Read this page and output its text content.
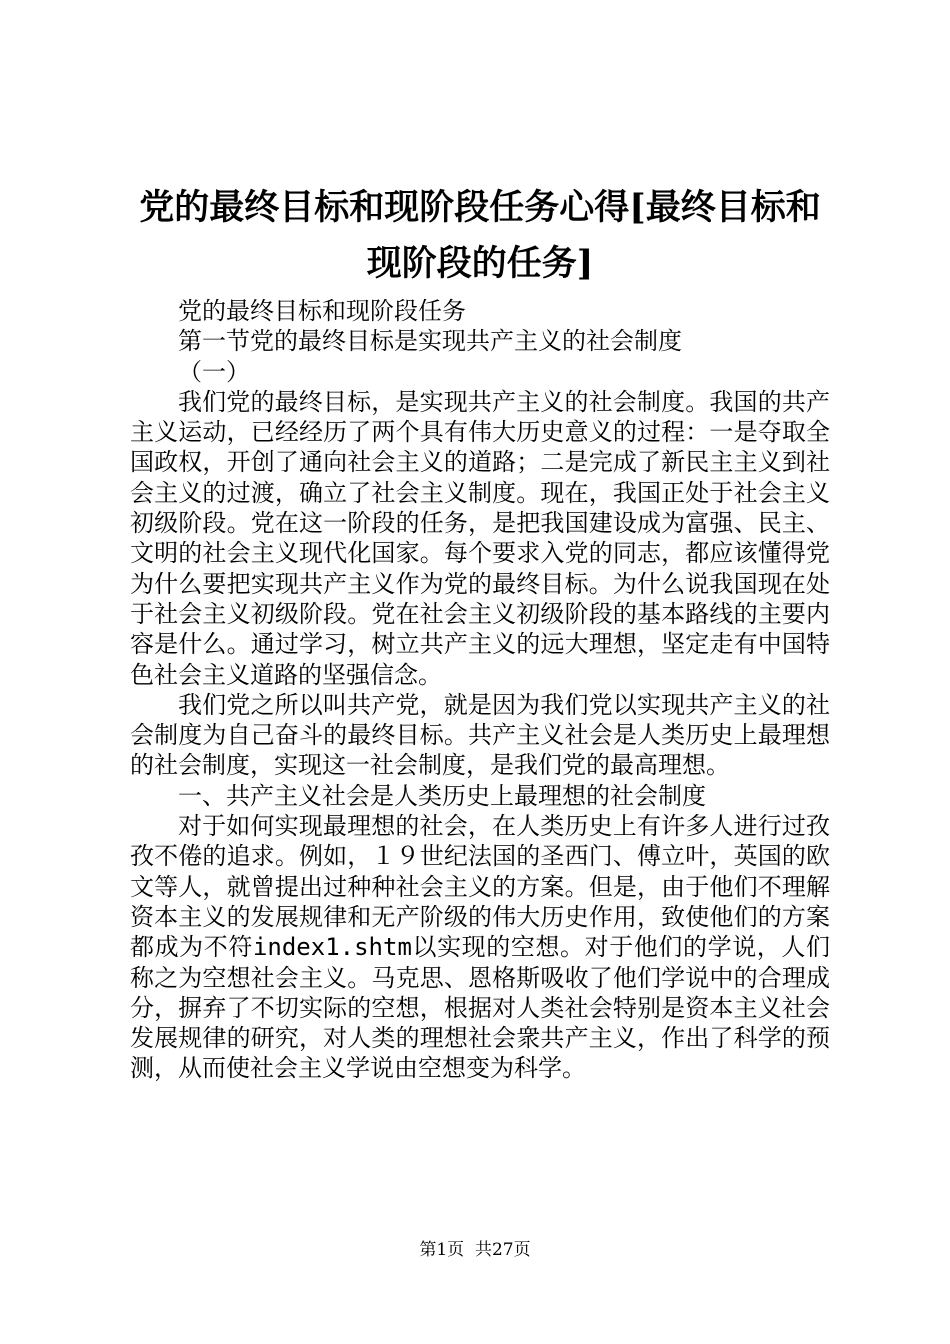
党的最终目标和现阶段任务心得[最终目标和现阶段的任务]

党的最终目标和现阶段任务

第一节党的最终目标是实现共产主义的社会制度

（一）

我们党的最终目标，是实现共产主义的社会制度。我国的共产主义运动，已经经历了两个具有伟大历史意义的过程：一是夺取全国政权，开创了通向社会主义的道路；二是完成了新民主主义到社会主义的过渡，确立了社会主义制度。现在，我国正处于社会主义初级阶段。党在这一阶段的任务，是把我国建设成为富强、民主、文明的社会主义现代化国家。每个要求入党的同志，都应该懂得党为什么要把实现共产主义作为党的最终目标。为什么说我国现在处于社会主义初级阶段。党在社会主义初级阶段的基本路线的主要内容是什么。通过学习，树立共产主义的远大理想，坚定走有中国特色社会主义道路的坚强信念。

我们党之所以叫共产党，就是因为我们党以实现共产主义的社会制度为自己奋斗的最终目标。共产主义社会是人类历史上最理想的社会制度，实现这一社会制度，是我们党的最高理想。

一、共产主义社会是人类历史上最理想的社会制度

对于如何实现最理想的社会，在人类历史上有许多人进行过孜孜不倦的追求。例如，１９世纪法国的圣西门、傅立叶，英国的欧文等人，就曾提出过种种社会主义的方案。但是，由于他们不理解资本主义的发展规律和无产阶级的伟大历史作用，致使他们的方案都成为不符index1.shtm以实现的空想。对于他们的学说，人们称之为空想社会主义。马克思、恩格斯吸收了他们学说中的合理成分，摒弃了不切实际的空想，根据对人类社会特别是资本主义社会发展规律的研究，对人类的理想社会衆共产主义，作出了科学的预测，从而使社会主义学说由空想变为科学。

第1页  共27页
